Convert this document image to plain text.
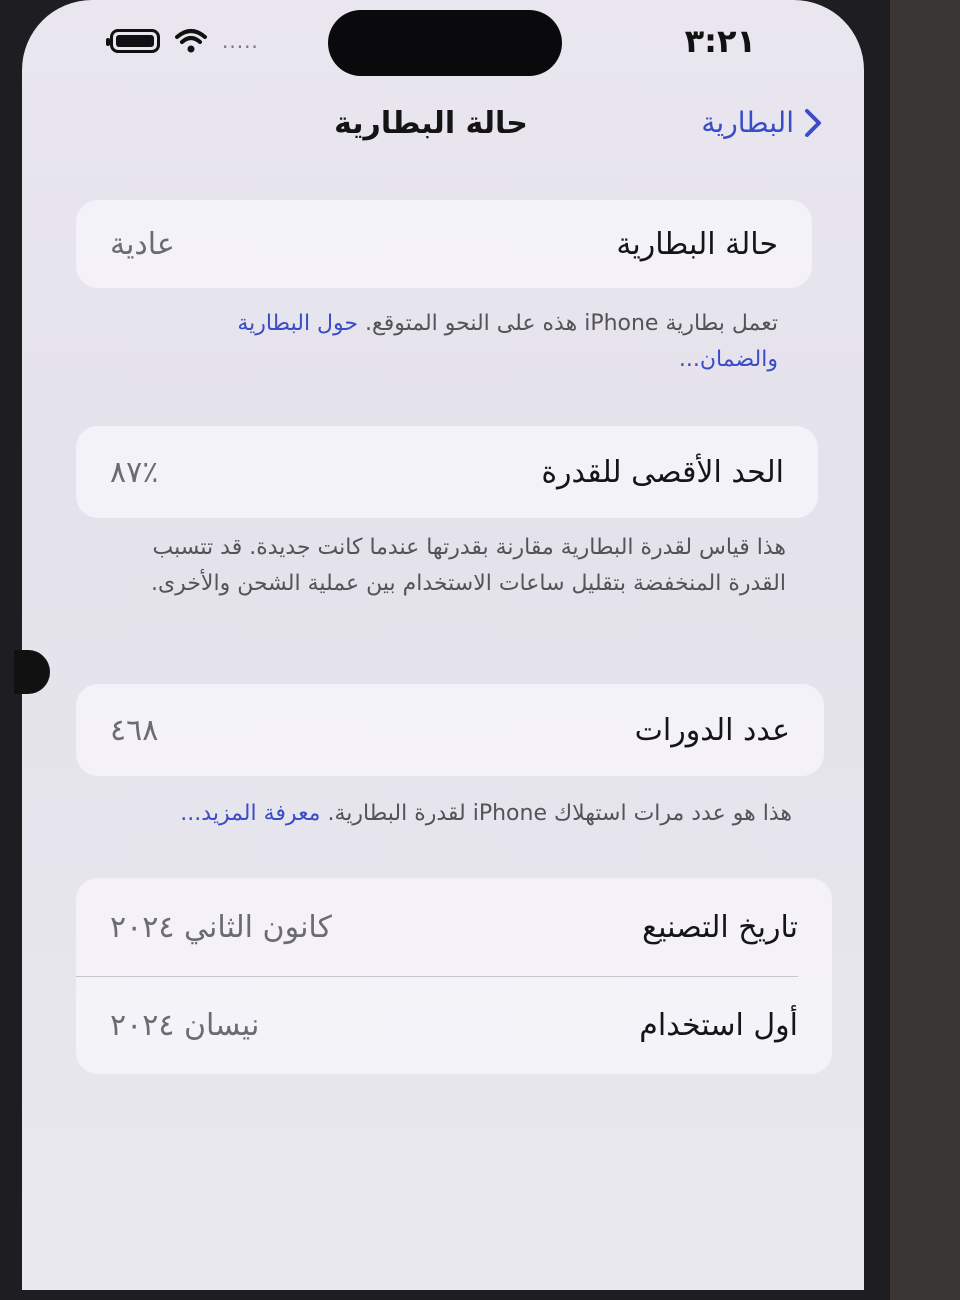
٣:٢١
.....
حالة البطارية	البطارية
حالة البطارية
عادية
تعمل بطارية iPhone هذه على النحو المتوقع. حول البطارية والضمان...
الحد الأقصى للقدرة
٪٨٧
هذا قياس لقدرة البطارية مقارنة بقدرتها عندما كانت جديدة. قد تتسبب القدرة المنخفضة بتقليل ساعات الاستخدام بين عملية الشحن والأخرى.
عدد الدورات
٤٦٨
هذا هو عدد مرات استهلاك iPhone لقدرة البطارية. معرفة المزيد...
تاريخ التصنيع
كانون الثاني ٢٠٢٤
أول استخدام
نيسان ٢٠٢٤
